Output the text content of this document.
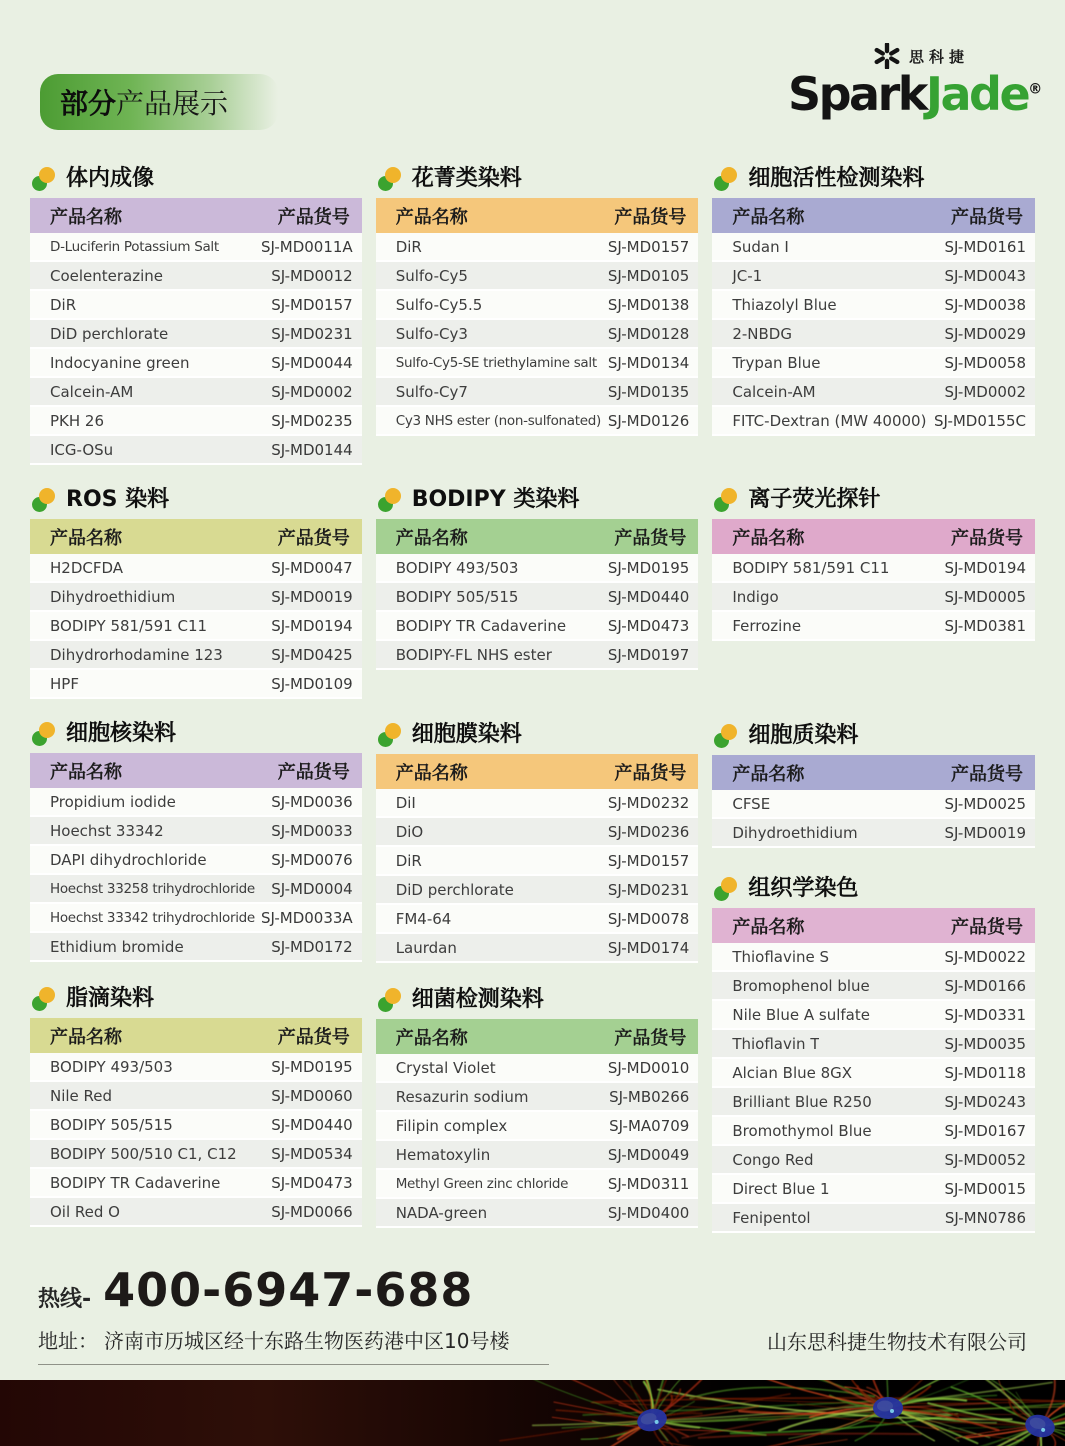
部分 产品展示
思科捷
SparkJade®
体内成像
产品名称	产品货号
D-Luciferin Potassium Salt	SJ-MD0011A
Coelenterazine	SJ-MD0012
DiR	SJ-MD0157
DiD perchlorate	SJ-MD0231
Indocyanine green	SJ-MD0044
Calcein-AM	SJ-MD0002
PKH 26	SJ-MD0235
ICG-OSu	SJ-MD0144
ROS 染料
产品名称	产品货号
H2DCFDA	SJ-MD0047
Dihydroethidium	SJ-MD0019
BODIPY 581/591 C11	SJ-MD0194
Dihydrorhodamine 123	SJ-MD0425
HPF	SJ-MD0109
细胞核染料
产品名称	产品货号
Propidium iodide	SJ-MD0036
Hoechst 33342	SJ-MD0033
DAPI dihydrochloride	SJ-MD0076
Hoechst 33258 trihydrochloride SJ-MD0004
Hoechst 33342 trihydrochloride SJ-MD0033A
Ethidium bromide	SJ-MD0172
脂滴染料
产品名称	产品货号
BODIPY 493/503	SJ-MD0195
Nile Red	SJ-MD0060
BODIPY 505/515	SJ-MD0440
BODIPY 500/510 C1, C12 SJ-MD0534
BODIPY TR Cadaverine	SJ-MD0473
Oil Red O	SJ-MD0066
花菁类染料
产品名称	产品货号
DiR	SJ-MD0157
Sulfo-Cy5	SJ-MD0105
Sulfo-Cy5.5	SJ-MD0138
Sulfo-Cy3	SJ-MD0128
Sulfo-Cy5-SE triethylamine salt SJ-MD0134
Sulfo-Cy7	SJ-MD0135
Cy3 NHS ester (non-sulfonated) SJ-MD0126
BODIPY 类染料
产品名称	产品货号
BODIPY 493/503	SJ-MD0195
BODIPY 505/515	SJ-MD0440
BODIPY TR Cadaverine	SJ-MD0473
BODIPY-FL NHS ester	SJ-MD0197
细胞膜染料
产品名称	产品货号
DiI	SJ-MD0232
DiO	SJ-MD0236
DiR	SJ-MD0157
DiD perchlorate	SJ-MD0231
FM4-64	SJ-MD0078
Laurdan	SJ-MD0174
细菌检测染料
产品名称	产品货号
Crystal Violet	SJ-MD0010
Resazurin sodium	SJ-MB0266
Filipin complex	SJ-MA0709
Hematoxylin	SJ-MD0049
Methyl Green zinc chloride	SJ-MD0311
NADA-green	SJ-MD0400
细胞活性检测染料
产品名称	产品货号
Sudan I	SJ-MD0161
JC-1	SJ-MD0043
Thiazolyl Blue	SJ-MD0038
2-NBDG	SJ-MD0029
Trypan Blue	SJ-MD0058
Calcein-AM	SJ-MD0002
FITC-Dextran (MW 40000) SJ-MD0155C
离子荧光探针
产品名称	产品货号
BODIPY 581/591 C11	SJ-MD0194
Indigo	SJ-MD0005
Ferrozine	SJ-MD0381
细胞质染料
产品名称	产品货号
CFSE	SJ-MD0025
Dihydroethidium	SJ-MD0019
组织学染色
产品名称	产品货号
Thioflavine S	SJ-MD0022
Bromophenol blue	SJ-MD0166
Nile Blue A sulfate	SJ-MD0331
Thioflavin T	SJ-MD0035
Alcian Blue 8GX	SJ-MD0118
Brilliant Blue R250	SJ-MD0243
Bromothymol Blue	SJ-MD0167
Congo Red	SJ-MD0052
Direct Blue 1	SJ-MD0015
Fenipentol	SJ-MN0786
热线- 400-6947-688
地址： 济南市历城区经十东路生物医药港中区10号楼	山东思科捷生物技术有限公司
